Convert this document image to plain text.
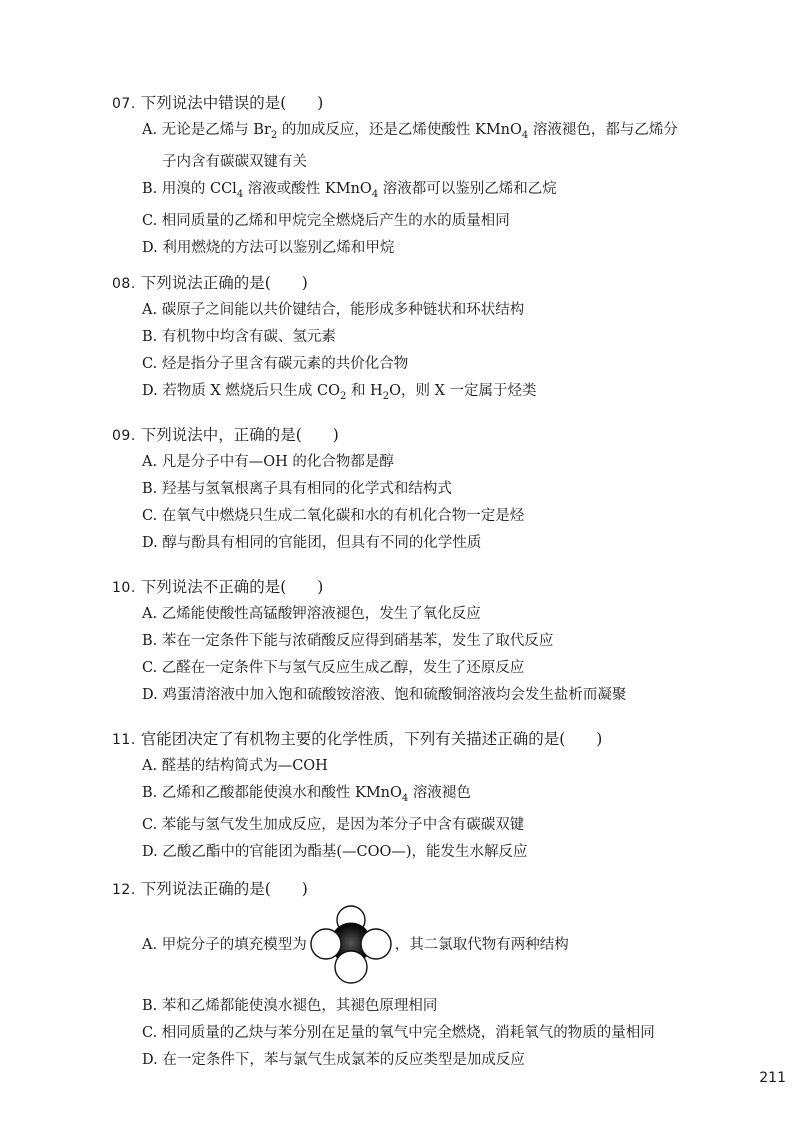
07. 下列说法中错误的是(　　)
A. 无论是乙烯与 $Br_2$ 的加成反应，还是乙烯使酸性 KMnO$_4$ 溶液褪色，都与乙烯分
子内含有碳碳双键有关
B. 用溴的 CCl$_4$ 溶液或酸性 KMnO$_4$ 溶液都可以鉴别乙烯和乙烷
C. 相同质量的乙烯和甲烷完全燃烧后产生的水的质量相同
D. 利用燃烧的方法可以鉴别乙烯和甲烷
08. 下列说法正确的是(　　)
A. 碳原子之间能以共价键结合，能形成多种链状和环状结构
B. 有机物中均含有碳、氢元素
C. 烃是指分子里含有碳元素的共价化合物
D. 若物质 X 燃烧后只生成 $CO_2$ 和 $H_2O$，则 X 一定属于烃类
09. 下列说法中，正确的是(　　)
A. 凡是分子中有—OH 的化合物都是醇
B. 羟基与氢氧根离子具有相同的化学式和结构式
C. 在氧气中燃烧只生成二氧化碳和水的有机化合物一定是烃
D. 醇与酚具有相同的官能团，但具有不同的化学性质
10. 下列说法不正确的是(　　)
A. 乙烯能使酸性高锰酸钾溶液褪色，发生了氧化反应
B. 苯在一定条件下能与浓硝酸反应得到硝基苯，发生了取代反应
C. 乙醛在一定条件下与氢气反应生成乙醇，发生了还原反应
D. 鸡蛋清溶液中加入饱和硫酸铵溶液、饱和硫酸铜溶液均会发生盐析而凝聚
11. 官能团决定了有机物主要的化学性质，下列有关描述正确的是(　　)
A. 醛基的结构简式为—COH
B. 乙烯和乙酸都能使溴水和酸性 KMnO$_4$ 溶液褪色
C. 苯能与氢气发生加成反应，是因为苯分子中含有碳碳双键
D. 乙酸乙酯中的官能团为酯基(—COO—)，能发生水解反应
12. 下列说法正确的是(　　)
A. 甲烷分子的填充模型为	，其二氯取代物有两种结构
B. 苯和乙烯都能使溴水褪色，其褪色原理相同
C. 相同质量的乙炔与苯分别在足量的氧气中完全燃烧，消耗氧气的物质的量相同
D. 在一定条件下，苯与氯气生成氯苯的反应类型是加成反应
211
